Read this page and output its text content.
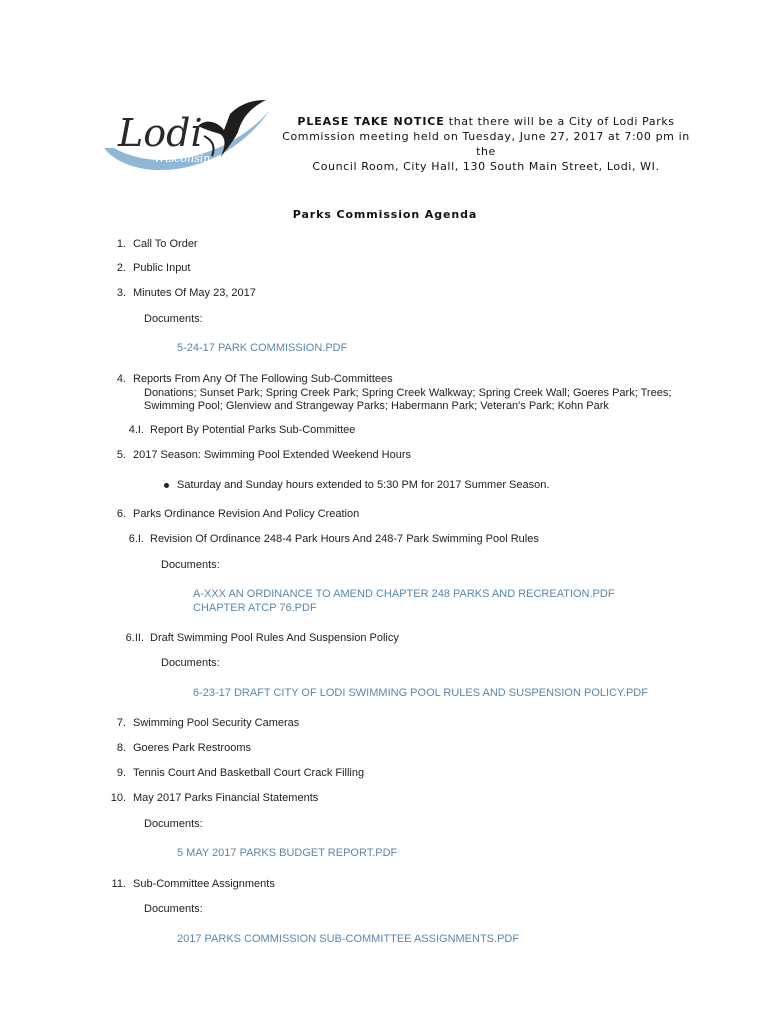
Lodi
Wisconsin
PLEASE TAKE NOTICE that there will be a City of Lodi Parks
Commission meeting held on Tuesday, June 27, 2017 at 7:00 pm in the
Council Room, City Hall, 130 South Main Street, Lodi, WI.
Parks Commission Agenda
1. Call To Order
2. Public Input
3. Minutes Of May 23, 2017
Documents:
5-24-17 PARK COMMISSION.PDF
4. Reports From Any Of The Following Sub-Committees
Donations; Sunset Park; Spring Creek Park; Spring Creek Walkway; Spring Creek Wall; Goeres Park; Trees;
Swimming Pool; Glenview and Strangeway Parks; Habermann Park; Veteran's Park; Kohn Park
4.I. Report By Potential Parks Sub-Committee
5. 2017 Season: Swimming Pool Extended Weekend Hours
Saturday and Sunday hours extended to 5:30 PM for 2017 Summer Season.
6. Parks Ordinance Revision And Policy Creation
6.I. Revision Of Ordinance 248-4 Park Hours And 248-7 Park Swimming Pool Rules
Documents:
A-XXX AN ORDINANCE TO AMEND CHAPTER 248 PARKS AND RECREATION.PDF
CHAPTER ATCP 76.PDF
6.II. Draft Swimming Pool Rules And Suspension Policy
Documents:
6-23-17 DRAFT CITY OF LODI SWIMMING POOL RULES AND SUSPENSION POLICY.PDF
7. Swimming Pool Security Cameras
8. Goeres Park Restrooms
9. Tennis Court And Basketball Court Crack Filling
10. May 2017 Parks Financial Statements
Documents:
5 MAY 2017 PARKS BUDGET REPORT.PDF
11. Sub-Committee Assignments
Documents:
2017 PARKS COMMISSION SUB-COMMITTEE ASSIGNMENTS.PDF
